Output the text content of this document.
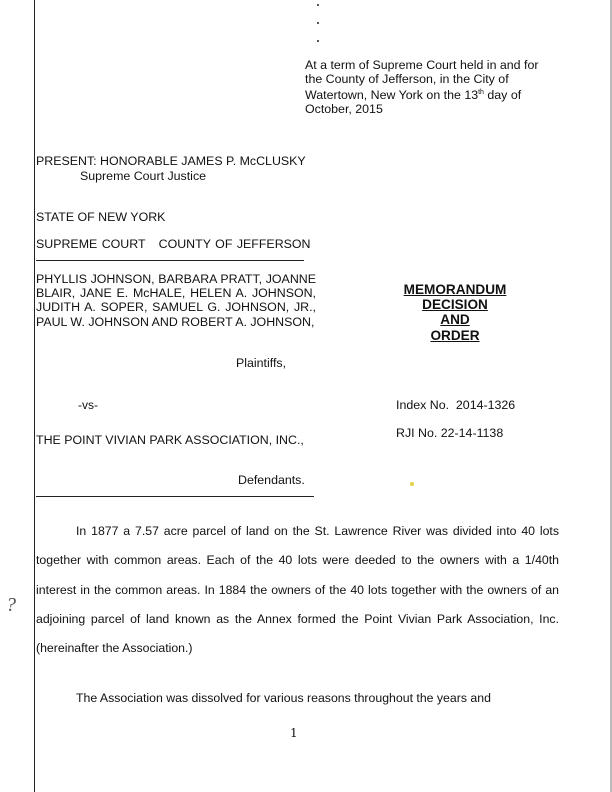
At a term of Supreme Court held in and for
the County of Jefferson, in the City of
Watertown, New York on the 13th day of
October, 2015
PRESENT: HONORABLE JAMES P. McCLUSKY
Supreme Court Justice
STATE OF NEW YORK
SUPREME COURT   COUNTY OF JEFFERSON
PHYLLIS JOHNSON, BARBARA PRATT, JOANNE BLAIR, JANE E. McHALE, HELEN A. JOHNSON, JUDITH A. SOPER, SAMUEL G. JOHNSON, JR., PAUL W. JOHNSON AND ROBERT A. JOHNSON,
Plaintiffs,
MEMORANDUM
DECISION
AND
ORDER
-vs-	Index No.  2014-1326
RJI No. 22-14-1138
THE POINT VIVIAN PARK ASSOCIATION, INC.,
Defendants.
In 1877 a 7.57 acre parcel of land on the St. Lawrence River was divided into 40 lots together with common areas. Each of the 40 lots were deeded to the owners with a 1/40th interest in the common areas. In 1884 the owners of the 40 lots together with the owners of an adjoining parcel of land known as the Annex formed the Point Vivian Park Association, Inc. (hereinafter the Association.)
?
The Association was dissolved for various reasons throughout the years and
1
